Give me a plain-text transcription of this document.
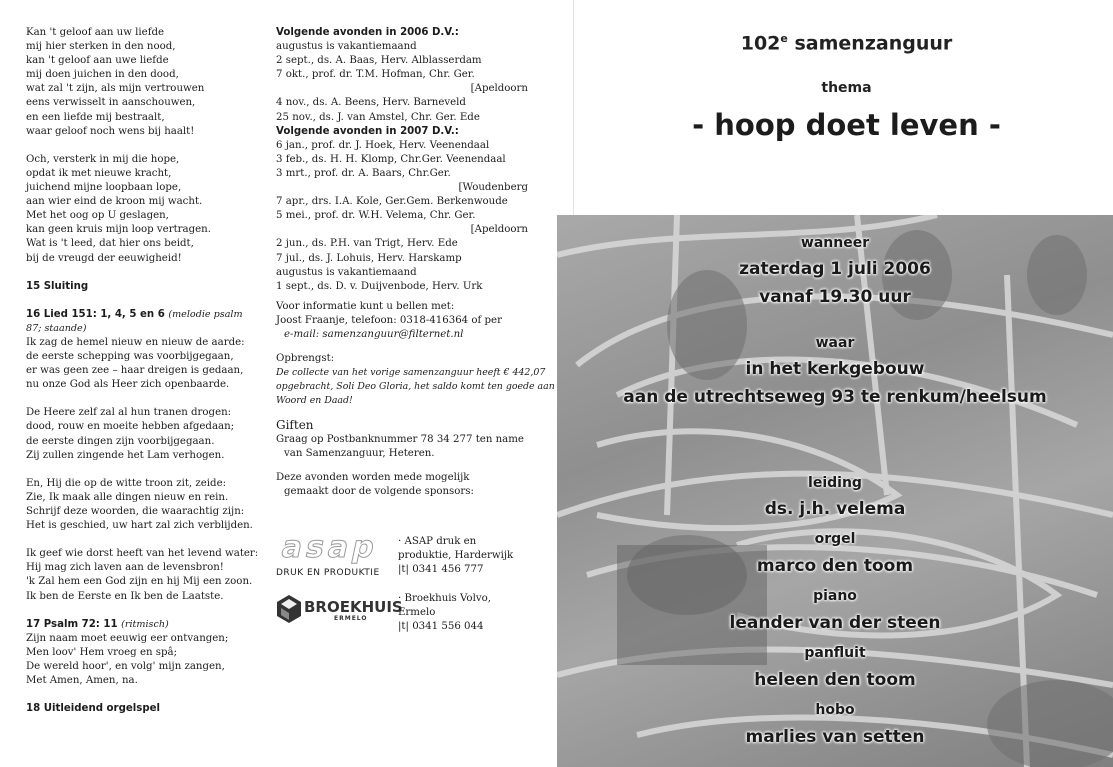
Kan 't geloof aan uw liefde

mij hier sterken in den nood,

kan 't geloof aan uwe liefde

mij doen juichen in den dood,

wat zal 't zijn, als mijn vertrouwen

eens verwisselt in aanschouwen,

en een liefde mij bestraalt,

waar geloof noch wens bij haalt!

Och, versterk in mij die hope,

opdat ik met nieuwe kracht,

juichend mijne loopbaan lope,

aan wier eind de kroon mij wacht.

Met het oog op U geslagen,

kan geen kruis mijn loop vertragen.

Wat is 't leed, dat hier ons beidt,

bij de vreugd der eeuwigheid!

15 Sluiting
16 Lied 151: 1, 4, 5 en 6 (melodie psalm 87; staande)

Ik zag de hemel nieuw en nieuw de aarde:

de eerste schepping was voorbijgegaan,

er was geen zee – haar dreigen is gedaan,

nu onze God als Heer zich openbaarde.

De Heere zelf zal al hun tranen drogen:

dood, rouw en moeite hebben afgedaan;

de eerste dingen zijn voorbijgegaan.

Zij zullen zingende het Lam verhogen.

En, Hij die op de witte troon zit, zeide:

Zie, Ik maak alle dingen nieuw en rein.

Schrijf deze woorden, die waarachtig zijn:

Het is geschied, uw hart zal zich verblijden.

Ik geef wie dorst heeft van het levend water:

Hij mag zich laven aan de levensbron!

'k Zal hem een God zijn en hij Mij een zoon.

Ik ben de Eerste en Ik ben de Laatste.

17 Psalm 72: 11 (ritmisch)

Zijn naam moet eeuwig eer ontvangen;

Men loov' Hem vroeg en spâ;

De wereld hoor', en volg' mijn zangen,

Met Amen, Amen, na.

18 Uitleidend orgelspel
Volgende avonden in 2006 D.V.:

augustus is vakantiemaand

2 sept., ds. A. Baas, Herv. Alblasserdam

7 okt., prof. dr. T.M. Hofman, Chr. Ger.

[Apeldoorn

4 nov., ds. A. Beens, Herv. Barneveld

25 nov., ds. J. van Amstel, Chr. Ger. Ede

Volgende avonden in 2007 D.V.:

6 jan., prof. dr. J. Hoek, Herv. Veenendaal

3 feb., ds. H. H. Klomp, Chr.Ger. Veenendaal

3 mrt., prof. dr. A. Baars, Chr.Ger.

[Woudenberg

7 apr., drs. I.A. Kole, Ger.Gem. Berkenwoude

5 mei., prof. dr. W.H. Velema, Chr. Ger.

[Apeldoorn

2 jun., ds. P.H. van Trigt, Herv. Ede

7 jul., ds. J. Lohuis, Herv. Harskamp

augustus is vakantiemaand

1 sept., ds. D. v. Duijvenbode, Herv. Urk

Voor informatie kunt u bellen met:

Joost Fraanje, telefoon: 0318-416364 of per

e-mail: samenzanguur@filternet.nl

Opbrengst:

De collecte van het vorige samenzanguur heeft € 442,07

opgebracht, Soli Deo Gloria, het saldo komt ten goede aan

Woord en Daad!

Giften

Graag op Postbanknummer 78 34 277 ten name

van Samenzanguur, Heteren.

Deze avonden worden mede mogelijk

gemaakt door de volgende sponsors:

asap
DRUK EN PRODUKTIE

· ASAP druk en

produktie, Harderwijk

|t| 0341 456 777

BROEKHUIS
ERMELO

· Broekhuis Volvo,

Ermelo

|t| 0341 556 044

102e samenzanguur
thema
- hoop doet leven -
wanneer
zaterdag 1 juli 2006
vanaf 19.30 uur
waar
in het kerkgebouw
aan de utrechtseweg 93 te renkum/heelsum
leiding
ds. j.h. velema
orgel
marco den toom
piano
leander van der steen
panfluit
heleen den toom
hobo
marlies van setten
